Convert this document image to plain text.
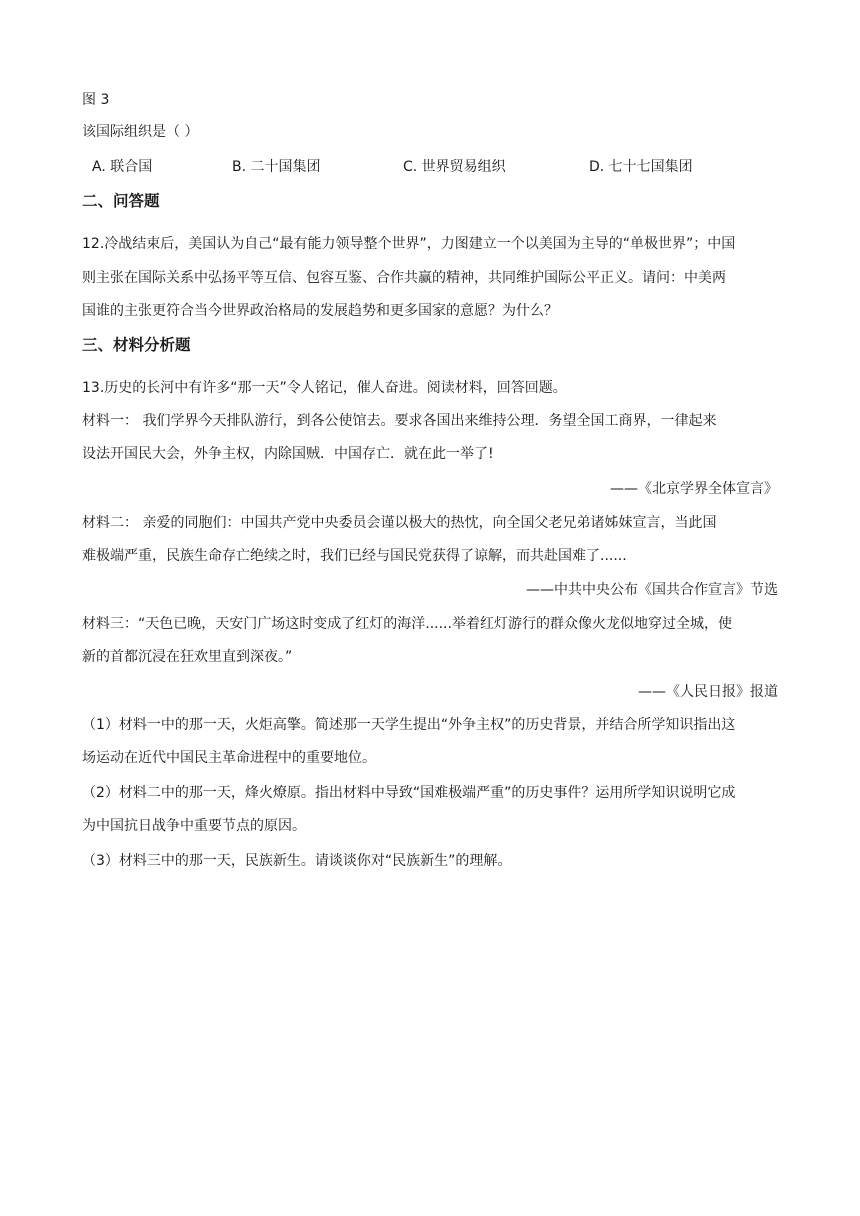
图 3
该国际组织是（ ）
A. 联合国	B. 二十国集团	C. 世界贸易组织	D. 七十七国集团
二、问答题
12.冷战结束后，美国认为自己“最有能力领导整个世界”，力图建立一个以美国为主导的“单极世界”；中国
则主张在国际关系中弘扬平等互信、包容互鉴、合作共赢的精神，共同维护国际公平正义。请问：中美两
国谁的主张更符合当今世界政治格局的发展趋势和更多国家的意愿？为什么？
三、材料分析题
13.历史的长河中有许多“那一天”令人铭记，催人奋进。阅读材料，回答回题。
材料一： 我们学界今天排队游行，到各公使馆去。要求各国出来维持公理．务望全国工商界，一律起来
设法开国民大会，外争主权，内除国贼．中国存亡．就在此一举了!
——《北京学界全体宣言》
材料二： 亲爱的同胞们：中国共产党中央委员会谨以极大的热忱，向全国父老兄弟诸姊妹宣言，当此国
难极端严重，民族生命存亡绝续之时，我们已经与国民党获得了谅解，而共赴国难了......
——中共中央公布《国共合作宣言》节选
材料三：“天色已晚，天安门广场这时变成了红灯的海洋......举着红灯游行的群众像火龙似地穿过全城，使
新的首都沉浸在狂欢里直到深夜。”
——《人民日报》报道
（1）材料一中的那一天，火炬高擎。简述那一天学生提出“外争主权”的历史背景，并结合所学知识指出这
场运动在近代中国民主革命进程中的重要地位。
（2）材料二中的那一天，烽火燎原。指出材料中导致“国难极端严重”的历史事件？运用所学知识说明它成
为中国抗日战争中重要节点的原因。
（3）材料三中的那一天，民族新生。请谈谈你对“民族新生”的理解。
